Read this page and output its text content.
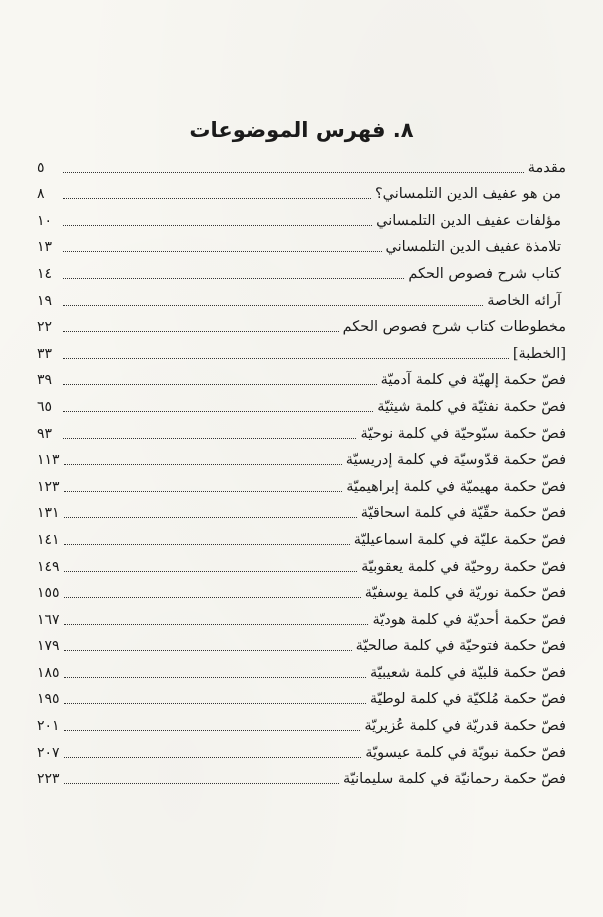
٨. فهرس الموضوعات
مقدمة
٥
من هو عفيف الدين التلمساني؟
٨
مؤلفات عفيف الدين التلمساني
١٠
تلامذة عفيف الدين التلمساني
١٣
كتاب شرح فصوص الحكم
١٤
آرائه الخاصة
١٩
مخطوطات كتاب شرح فصوص الحكم
٢٢
[الخطبة]
٣٣
فصّ حكمة إلهيّة في كلمة آدميّة
٣٩
فصّ حكمة نفثيّة في كلمة شيثيّة
٦٥
فصّ حكمة سبّوحيّة في كلمة نوحيّة
٩٣
فصّ حكمة قدّوسيّة في كلمة إدريسيّة
١١٣
فصّ حكمة مهيميّة في كلمة إبراهيميّة
١٢٣
فصّ حكمة حقّيّة في كلمة اسحاقيّة
١٣١
فصّ حكمة عليّة في كلمة اسماعيليّة
١٤١
فصّ حكمة روحيّة في كلمة يعقوبيّة
١٤٩
فصّ حكمة نوريّة في كلمة يوسفيّة
١٥٥
فصّ حكمة أحديّة في كلمة هوديّة
١٦٧
فصّ حكمة فتوحيّة في كلمة صالحيّة
١٧٩
فصّ حكمة قلبيّة في كلمة شعيبيّة
١٨٥
فصّ حكمة مُلكيّة في كلمة لوطيّة
١٩٥
فصّ حكمة قدريّة في كلمة عُزيريّة
٢٠١
فصّ حكمة نبويّة في كلمة عيسويّة
٢٠٧
فصّ حكمة رحمانيّة في كلمة سليمانيّة
٢٢٣
